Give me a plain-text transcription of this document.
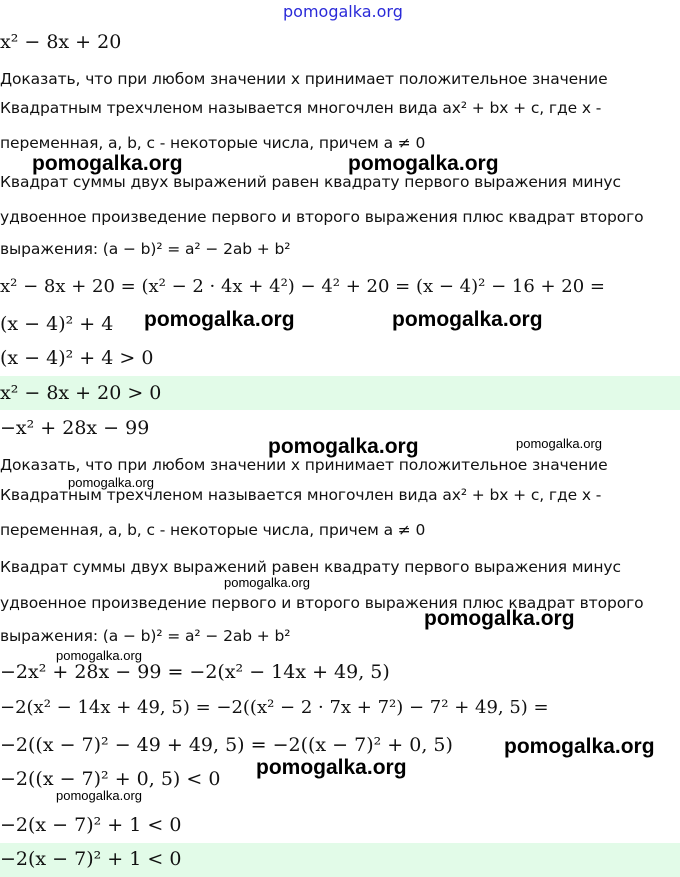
pomogalka.org
x² − 8x + 20
Доказать, что при любом значении x принимает положительное значение
Квадратным трехчленом называется многочлен вида ax² + bx + c, где x -
переменная, a, b, c - некоторые числа, причем a ≠ 0
Квадрат суммы двух выражений равен квадрату первого выражения минус
удвоенное произведение первого и второго выражения плюс квадрат второго
выражения: (a − b)² = a² − 2ab + b²
x² − 8x + 20 = (x² − 2 · 4x + 4²) − 4² + 20 = (x − 4)² − 16 + 20 =
(x − 4)² + 4
(x − 4)² + 4 > 0
x² − 8x + 20 > 0
−x² + 28x − 99
Доказать, что при любом значении x принимает положительное значение
Квадратным трехчленом называется многочлен вида ax² + bx + c, где x -
переменная, a, b, c - некоторые числа, причем a ≠ 0
Квадрат суммы двух выражений равен квадрату первого выражения минус
удвоенное произведение первого и второго выражения плюс квадрат второго
выражения: (a − b)² = a² − 2ab + b²
−2x² + 28x − 99 = −2(x² − 14x + 49, 5)
−2(x² − 14x + 49, 5) = −2((x² − 2 · 7x + 7²) − 7² + 49, 5) =
−2((x − 7)² − 49 + 49, 5) = −2((x − 7)² + 0, 5)
−2((x − 7)² + 0, 5) < 0
−2(x − 7)² + 1 < 0
−2(x − 7)² + 1 < 0
pomogalka.org	pomogalka.org
pomogalka.org	pomogalka.org
pomogalka.org	pomogalka.org
pomogalka.org
pomogalka.org
pomogalka.org
pomogalka.org
pomogalka.org
pomogalka.org
pomogalka.org
